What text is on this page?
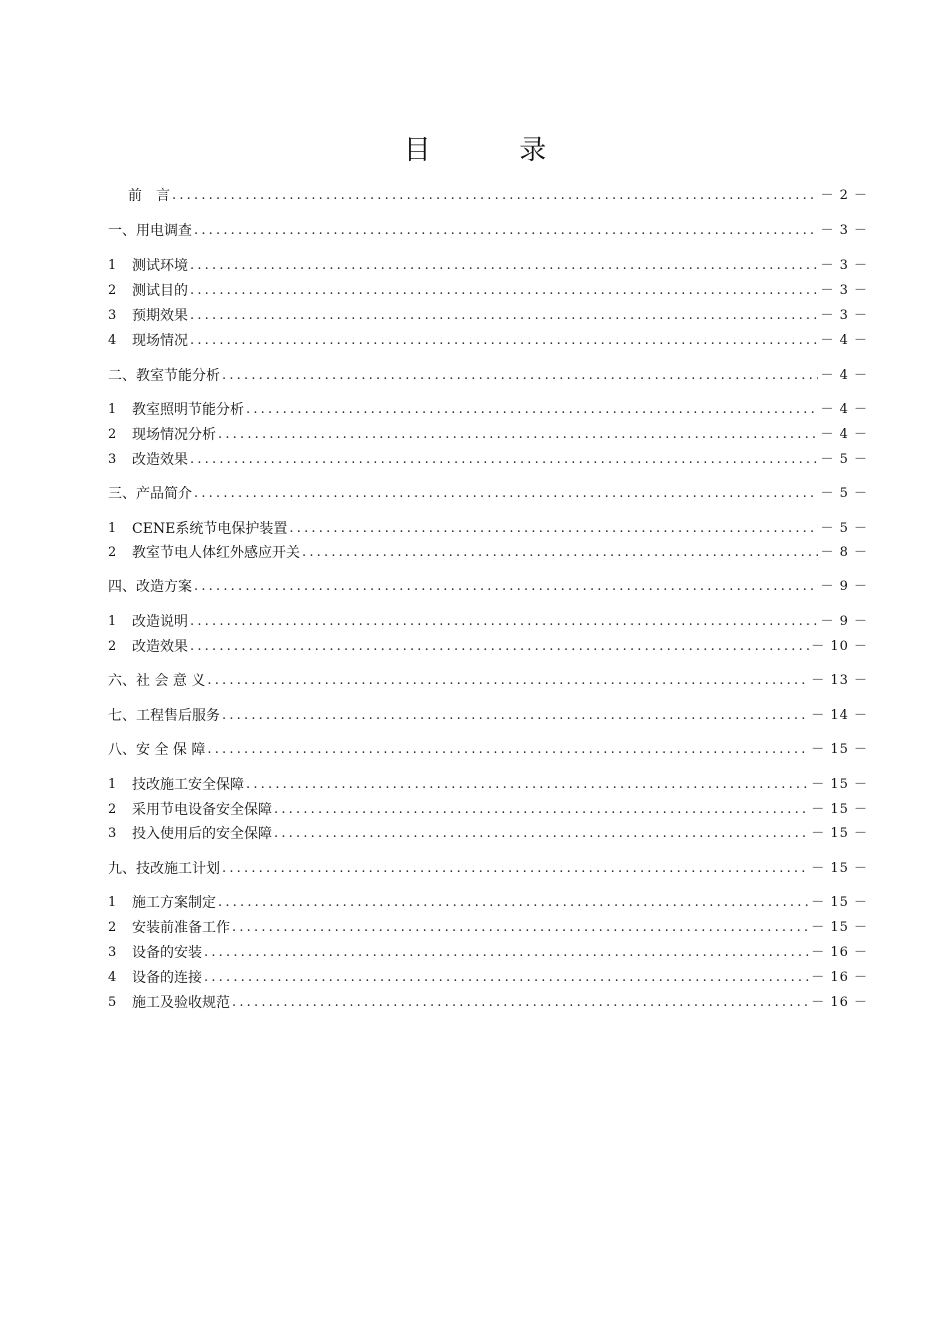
目 录
前　言 .....	－ 2 －
一、用电调查 .....	－ 3 －
1	测试环境 .....	－ 3 －
2	测试目的 .....	－ 3 －
3	预期效果 .....	－ 3 －
4	现场情况 .....	－ 4 －
二、教室节能分析 .....	－ 4 －
1	教室照明节能分析 .....	－ 4 －
2	现场情况分析 .....	－ 4 －
3	改造效果 .....	－ 5 －
三、产品简介 .....	－ 5 －
1	CENE系统节电保护装置 .....	－ 5 －
2	教室节电人体红外感应开关 .....	－ 8 －
四、改造方案 .....	－ 9 －
1	改造说明 .....	－ 9 －
2	改造效果 .....	－ 10 －
六、社 会 意 义 .....	－ 13 －
七、工程售后服务 .....	－ 14 －
八、安 全 保 障 .....	－ 15 －
1	技改施工安全保障 .....	－ 15 －
2	采用节电设备安全保障 .....	－ 15 －
3	投入使用后的安全保障 .....	－ 15 －
九、技改施工计划 .....	－ 15 －
1	施工方案制定 .....	－ 15 －
2	安装前准备工作 .....	－ 15 －
3	设备的安装 .....	－ 16 －
4	设备的连接 .....	－ 16 －
5	施工及验收规范 .....	－ 16 －
